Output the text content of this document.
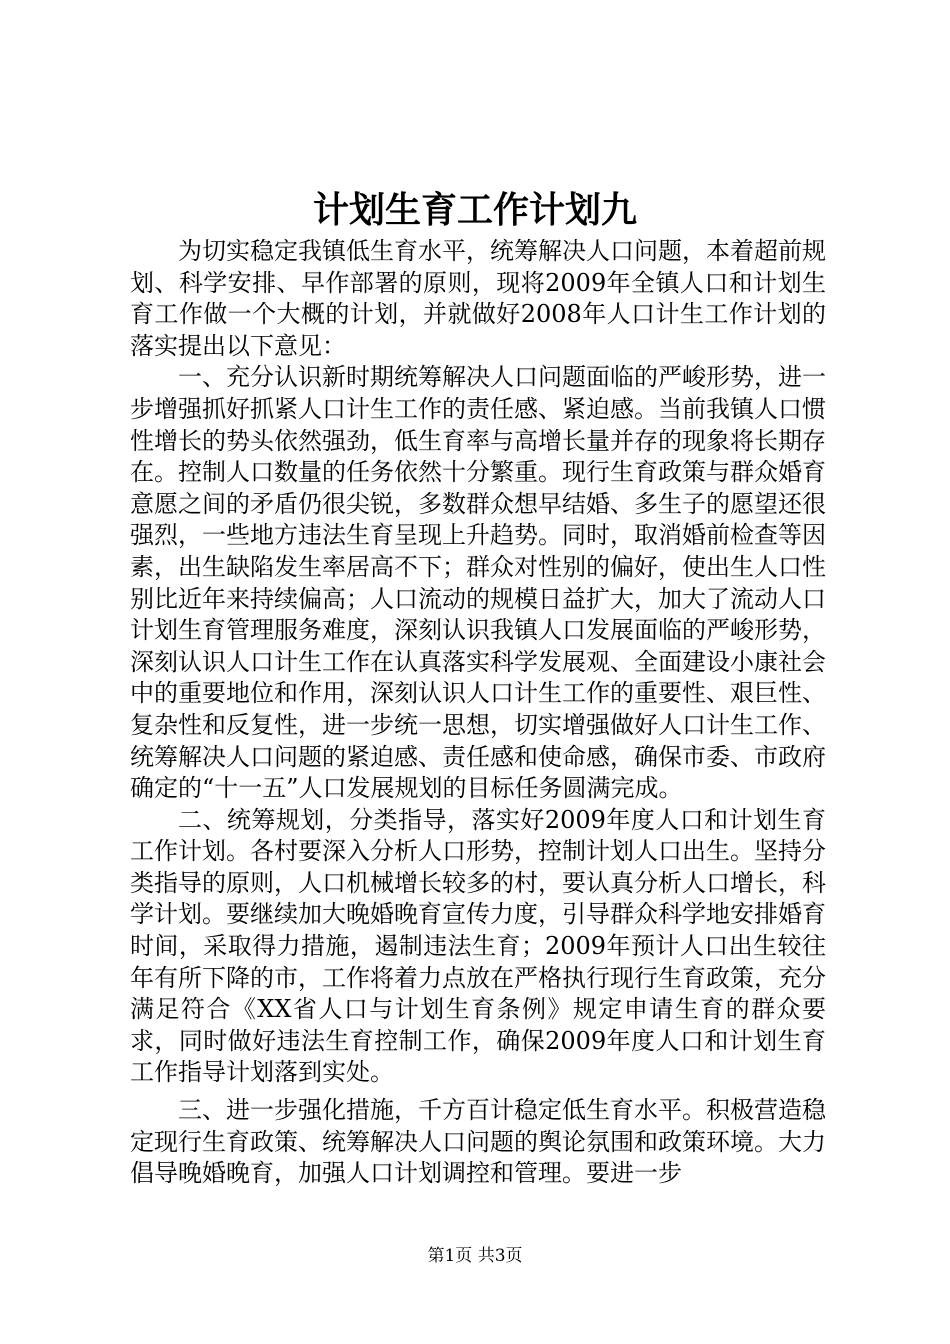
计划生育工作计划九

为切实稳定我镇低生育水平，统筹解决人口问题，本着超前规划、科学安排、早作部署的原则，现将2009年全镇人口和计划生育工作做一个大概的计划，并就做好2008年人口计生工作计划的落实提出以下意见：

一、充分认识新时期统筹解决人口问题面临的严峻形势，进一步增强抓好抓紧人口计生工作的责任感、紧迫感。当前我镇人口惯性增长的势头依然强劲，低生育率与高增长量并存的现象将长期存在。控制人口数量的任务依然十分繁重。现行生育政策与群众婚育意愿之间的矛盾仍很尖锐，多数群众想早结婚、多生子的愿望还很强烈，一些地方违法生育呈现上升趋势。同时，取消婚前检查等因素，出生缺陷发生率居高不下；群众对性别的偏好，使出生人口性别比近年来持续偏高；人口流动的规模日益扩大，加大了流动人口计划生育管理服务难度，深刻认识我镇人口发展面临的严峻形势，深刻认识人口计生工作在认真落实科学发展观、全面建设小康社会中的重要地位和作用，深刻认识人口计生工作的重要性、艰巨性、复杂性和反复性，进一步统一思想，切实增强做好人口计生工作、统筹解决人口问题的紧迫感、责任感和使命感，确保市委、市政府确定的“十一五”人口发展规划的目标任务圆满完成。

二、统筹规划，分类指导，落实好2009年度人口和计划生育工作计划。各村要深入分析人口形势，控制计划人口出生。坚持分类指导的原则，人口机械增长较多的村，要认真分析人口增长，科学计划。要继续加大晚婚晚育宣传力度，引导群众科学地安排婚育时间，采取得力措施，遏制违法生育；2009年预计人口出生较往年有所下降的市，工作将着力点放在严格执行现行生育政策，充分满足符合《XX省人口与计划生育条例》规定申请生育的群众要求，同时做好违法生育控制工作，确保2009年度人口和计划生育工作指导计划落到实处。

三、进一步强化措施，千方百计稳定低生育水平。积极营造稳定现行生育政策、统筹解决人口问题的舆论氛围和政策环境。大力倡导晚婚晚育，加强人口计划调控和管理。要进一步

第1页 共3页
